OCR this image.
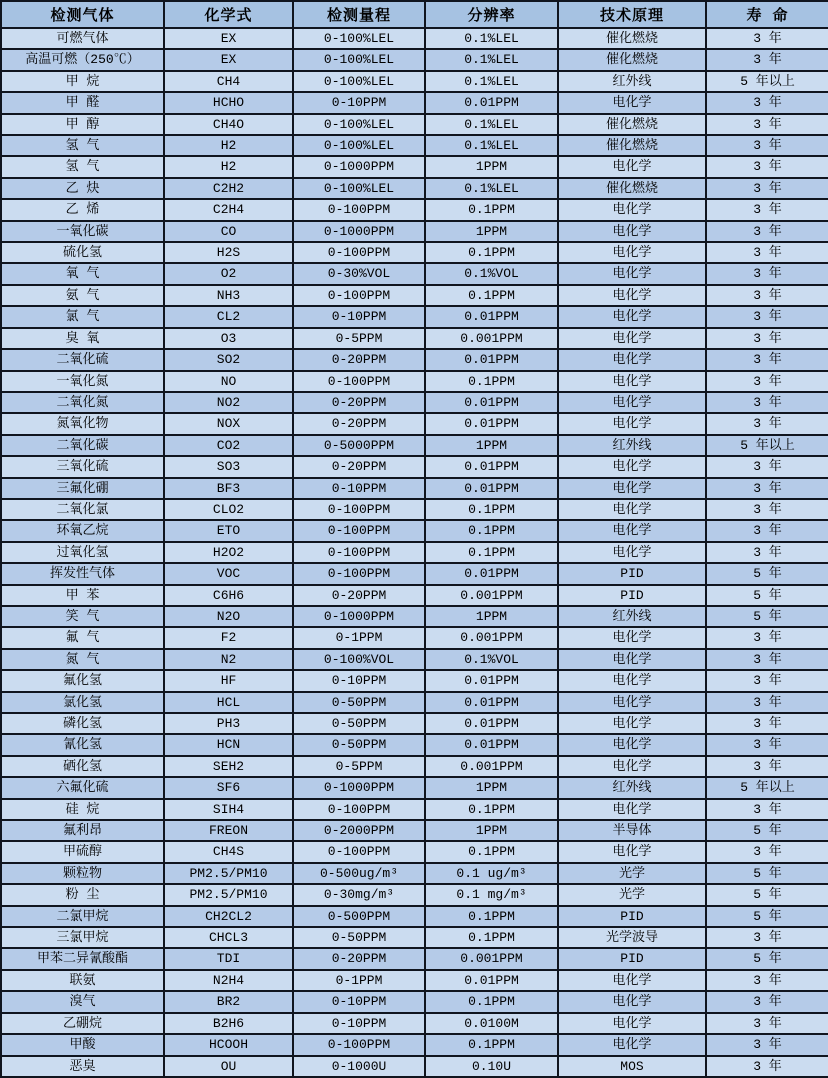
检测气体	化学式	检测量程	分辨率	技术原理	寿 命
可燃气体	EX	0-100%LEL	0.1%LEL	催化燃烧	3 年
高温可燃（250℃）	EX	0-100%LEL	0.1%LEL	催化燃烧	3 年
甲 烷	CH4	0-100%LEL	0.1%LEL	红外线	5 年以上
甲 醛	HCHO	0-10PPM	0.01PPM	电化学	3 年
甲 醇	CH4O	0-100%LEL	0.1%LEL	催化燃烧	3 年
氢 气	H2	0-100%LEL	0.1%LEL	催化燃烧	3 年
氢 气	H2	0-1000PPM	1PPM	电化学	3 年
乙 炔	C2H2	0-100%LEL	0.1%LEL	催化燃烧	3 年
乙 烯	C2H4	0-100PPM	0.1PPM	电化学	3 年
一氧化碳	CO	0-1000PPM	1PPM	电化学	3 年
硫化氢	H2S	0-100PPM	0.1PPM	电化学	3 年
氧 气	O2	0-30%VOL	0.1%VOL	电化学	3 年
氨 气	NH3	0-100PPM	0.1PPM	电化学	3 年
氯 气	CL2	0-10PPM	0.01PPM	电化学	3 年
臭 氧	O3	0-5PPM	0.001PPM	电化学	3 年
二氧化硫	SO2	0-20PPM	0.01PPM	电化学	3 年
一氧化氮	NO	0-100PPM	0.1PPM	电化学	3 年
二氧化氮	NO2	0-20PPM	0.01PPM	电化学	3 年
氮氧化物	NOX	0-20PPM	0.01PPM	电化学	3 年
二氧化碳	CO2	0-5000PPM	1PPM	红外线	5 年以上
三氧化硫	SO3	0-20PPM	0.01PPM	电化学	3 年
三氟化硼	BF3	0-10PPM	0.01PPM	电化学	3 年
二氧化氯	CLO2	0-100PPM	0.1PPM	电化学	3 年
环氧乙烷	ETO	0-100PPM	0.1PPM	电化学	3 年
过氧化氢	H2O2	0-100PPM	0.1PPM	电化学	3 年
挥发性气体	VOC	0-100PPM	0.01PPM	PID	5 年
甲 苯	C6H6	0-20PPM	0.001PPM	PID	5 年
笑 气	N2O	0-1000PPM	1PPM	红外线	5 年
氟 气	F2	0-1PPM	0.001PPM	电化学	3 年
氮 气	N2	0-100%VOL	0.1%VOL	电化学	3 年
氟化氢	HF	0-10PPM	0.01PPM	电化学	3 年
氯化氢	HCL	0-50PPM	0.01PPM	电化学	3 年
磷化氢	PH3	0-50PPM	0.01PPM	电化学	3 年
氰化氢	HCN	0-50PPM	0.01PPM	电化学	3 年
硒化氢	SEH2	0-5PPM	0.001PPM	电化学	3 年
六氟化硫	SF6	0-1000PPM	1PPM	红外线	5 年以上
硅 烷	SIH4	0-100PPM	0.1PPM	电化学	3 年
氟利昂	FREON	0-2000PPM	1PPM	半导体	5 年
甲硫醇	CH4S	0-100PPM	0.1PPM	电化学	3 年
颗粒物	PM2.5/PM10	0-500ug/m³	0.1 ug/m³	光学	5 年
粉 尘	PM2.5/PM10	0-30mg/m³	0.1 mg/m³	光学	5 年
二氯甲烷	CH2CL2	0-500PPM	0.1PPM	PID	5 年
三氯甲烷	CHCL3	0-50PPM	0.1PPM	光学波导	3 年
甲苯二异氰酸酯	TDI	0-20PPM	0.001PPM	PID	5 年
联氨	N2H4	0-1PPM	0.01PPM	电化学	3 年
溴气	BR2	0-10PPM	0.1PPM	电化学	3 年
乙硼烷	B2H6	0-10PPM	0.0100M	电化学	3 年
甲酸	HCOOH	0-100PPM	0.1PPM	电化学	3 年
恶臭	OU	0-1000U	0.10U	MOS	3 年
